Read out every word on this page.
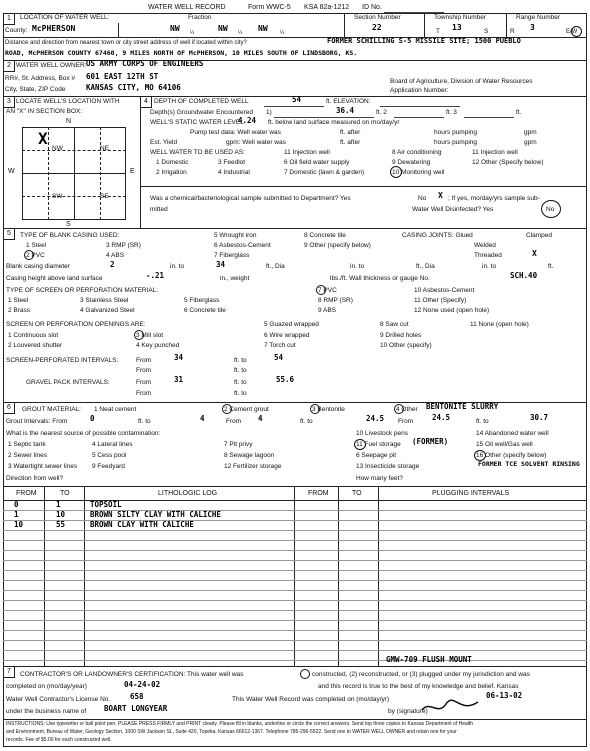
WATER WELL RECORD	Form WWC-5 KSA 82a-1212 ID No.
1	LOCATION OF WATER WELL:	Fraction	Section Number	Township Number	Range Number
County: McPHERSON	NW ¼	NW ¼ NW ¼
22	T 13	S	R 3	E/W
Distance and direction from nearest town or city street address of well if located within city?	FORMER SCHILLING S-5 MISSILE SITE; 1500 PUEBLO
ROAD, McPHERSON COUNTY 67460, 9 MILES NORTH OF McPHERSON, 10 MILES SOUTH OF LINDSBORG, KS.
2 WATER WELL OWNER: US ARMY CORPS OF ENGINEERS
RR#, St. Address, Box # 601 EAST 12TH ST
City, State, ZIP Code	KANSAS CITY, MO 64106
Board of Agriculture, Division of Water Resources
Application Number:
3 LOCATE WELL'S LOCATION WITH
AN "X" IN SECTION BOX:
N
S
W	E
NW	NE
SW	SE
X
4 DEPTH OF COMPLETED WELL	54	ft. ELEVATION:
Depth(s) Groundwater Encountered 1)	36.4	ft. 2	ft. 3	ft.
WELL'S STATIC WATER LEVEL
4.24 ft. below land surface measured on mo/day/yr
Pump test data: Well water was	ft. after	hours pumping	gpm
Est. Yield	gpm: Well water was	ft. after	hours pumping	gpm
WELL WATER TO BE USED AS:	11 Injection well	8 Air conditioning	11 Injection well
1 Domestic	3 Feedlot	6 Oil field water supply	9 Dewatering	12 Other (Specify below)
2 Irrigation	4 Industrial	7 Domestic (lawn & garden)	10 Monitoring well
Was a chemical/bacteriological sample submitted to Department? Yes	No X ; If yes, mo/day/yrs sample sub-
mitted	Water Well Disinfected? Yes	No
5	TYPE OF BLANK CASING USED:	5 Wrought iron	8 Concrete tile	CASING JOINTS: Glued	Clamped
1 Steel	3 RMP (SR)	6 Asbestos-Cement	9 Other (specify below)	Welded
2 PVC	4 ABS	7 Fiberglass	Threaded	X
Blank casing diameter	2	in. to	34	ft., Dia	in. to	ft., Dia	in. to	ft.
Casing height above land surface	-.21	in., weight	lbs./ft. Wall thickness or gauge No.	SCH.40
TYPE OF SCREEN OR PERFORATION MATERIAL:	7 PVC	10 Asbestos-Cement
1 Steel	3 Stainless Steel	5 Fiberglass	8 RMP (SR)	11 Other (Specify)
2 Brass	4 Galvanized Steel	6 Concrete tile	9 ABS	12 None used (open hole)
SCREEN OR PERFORATION OPENINGS ARE:	5 Guazed wrapped	8 Saw cut	11 None (open hole)
1 Continuous slot	3 Mill slot	6 Wire wrapped	9 Drilled holes
2 Louvered shutter	4 Key punched	7 Torch cut	10 Other (specify)
SCREEN-PERFORATED INTERVALS:	From	34	ft. to	54
From	ft. to
GRAVEL PACK INTERVALS:	From	31	ft. to	55.6
From	ft. to
6	GROUT MATERIAL: 1 Neat cement	2 Cement grout	3 Bentonite	4 Other BENTONITE SLURRY
Grout Intervals: From	0	ft. to	4	From 4	ft. to	24.5 From	24.5	ft. to	30.7
What is the nearest source of possible contamination:	10 Livestock pens	14 Abandoned water well
1 Septic tank	4 Lateral lines	7 Pit privy	11 Fuel storage (FORMER)	15 Oil well/Gas well
2 Sewer lines	5 Cess pool	8 Sewage lagoon	6 Seepage pit	16 Other (specify below)
3 Watertight sewer lines 9 Feedyard	12 Fertilizer storage	13 Insecticide storage	FORMER TCE SOLVENT RINSING
Direction from well?	How many feet?
FROM	TO	LITHOLOGIC LOG	FROM	TO	PLUGGING INTERVALS
0	1	TOPSOIL
1	10	BROWN SILTY CLAY WITH CALICHE
10	55	BROWN CLAY WITH CALICHE
GMW-709 FLUSH MOUNT
7	CONTRACTOR'S OR LANDOWNER'S CERTIFICATION: This water well was	constructed, (2) reconstructed, or (3) plugged under my jurisdiction and was
completed on (mo/day/year)	04-24-02	and this record is true to the best of my knowledge and belief. Kansas
Water Well Contractor's License No.	658	This Water Well Record was completed on (mo/day/yr)	06-13-02
under the business name of BOART LONGYEAR	by (signature)
INSTRUCTIONS: Use typewriter or ball point pen. PLEASE PRESS FIRMLY and PRINT clearly. Please fill in blanks, underline or circle the correct answers. Send top three copies to Kansas Department of Health
and Environment, Bureau of Water, Geology Section, 1000 SW Jackson St., Suite 420, Topeka, Kansas 66612-1367. Telephone 785-296-5522. Send one to WATER WELL OWNER and retain one for your
records. Fee of $5.00 for each constructed well.
